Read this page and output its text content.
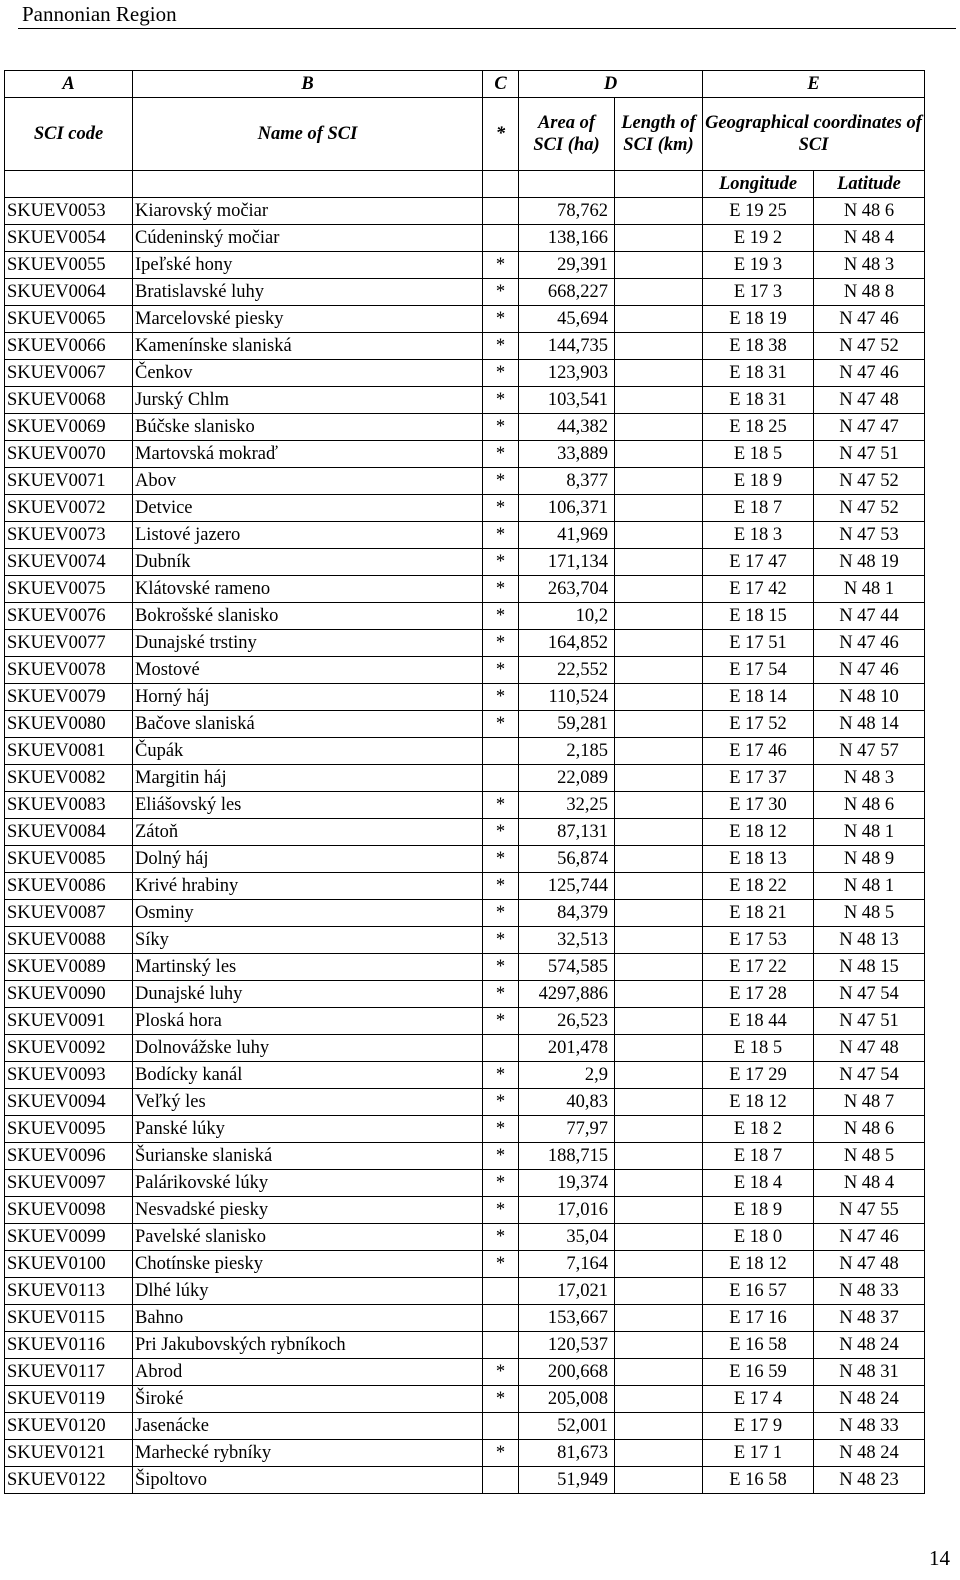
Pannonian Region
A	B	C	D		E	
SCI code	Name of SCI	*	Area of SCI (ha)	Length of SCI (km)	Geographical coordinates of SCI	
					Longitude	Latitude
SKUEV0053	Kiarovský močiar		78,762		E 19 25	N 48 6
SKUEV0054	Cúdeninský močiar		138,166		E 19 2	N 48 4
SKUEV0055	Ipeľské hony	*	29,391		E 19 3	N 48 3
SKUEV0064	Bratislavské luhy	*	668,227		E 17 3	N 48 8
SKUEV0065	Marcelovské piesky	*	45,694		E 18 19	N 47 46
SKUEV0066	Kamenínske slaniská	*	144,735		E 18 38	N 47 52
SKUEV0067	Čenkov	*	123,903		E 18 31	N 47 46
SKUEV0068	Jurský Chlm	*	103,541		E 18 31	N 47 48
SKUEV0069	Búčske slanisko	*	44,382		E 18 25	N 47 47
SKUEV0070	Martovská mokraď	*	33,889		E 18 5	N 47 51
SKUEV0071	Abov	*	8,377		E 18 9	N 47 52
SKUEV0072	Detvice	*	106,371		E 18 7	N 47 52
SKUEV0073	Listové jazero	*	41,969		E 18 3	N 47 53
SKUEV0074	Dubník	*	171,134		E 17 47	N 48 19
SKUEV0075	Klátovské rameno	*	263,704		E 17 42	N 48 1
SKUEV0076	Bokrošské slanisko	*	10,2		E 18 15	N 47 44
SKUEV0077	Dunajské trstiny	*	164,852		E 17 51	N 47 46
SKUEV0078	Mostové	*	22,552		E 17 54	N 47 46
SKUEV0079	Horný háj	*	110,524		E 18 14	N 48 10
SKUEV0080	Bačove slaniská	*	59,281		E 17 52	N 48 14
SKUEV0081	Čupák		2,185		E 17 46	N 47 57
SKUEV0082	Margitin háj		22,089		E 17 37	N 48 3
SKUEV0083	Eliášovský les	*	32,25		E 17 30	N 48 6
SKUEV0084	Zátoň	*	87,131		E 18 12	N 48 1
SKUEV0085	Dolný háj	*	56,874		E 18 13	N 48 9
SKUEV0086	Krivé hrabiny	*	125,744		E 18 22	N 48 1
SKUEV0087	Osminy	*	84,379		E 18 21	N 48 5
SKUEV0088	Síky	*	32,513		E 17 53	N 48 13
SKUEV0089	Martinský les	*	574,585		E 17 22	N 48 15
SKUEV0090	Dunajské luhy	*	4297,886		E 17 28	N 47 54
SKUEV0091	Ploská hora	*	26,523		E 18 44	N 47 51
SKUEV0092	Dolnovážske luhy		201,478		E 18 5	N 47 48
SKUEV0093	Bodícky kanál	*	2,9		E 17 29	N 47 54
SKUEV0094	Veľký les	*	40,83		E 18 12	N 48 7
SKUEV0095	Panské lúky	*	77,97		E 18 2	N 48 6
SKUEV0096	Šurianske slaniská	*	188,715		E 18 7	N 48 5
SKUEV0097	Palárikovské lúky	*	19,374		E 18 4	N 48 4
SKUEV0098	Nesvadské piesky	*	17,016		E 18 9	N 47 55
SKUEV0099	Pavelské slanisko	*	35,04		E 18 0	N 47 46
SKUEV0100	Chotínske piesky	*	7,164		E 18 12	N 47 48
SKUEV0113	Dlhé lúky		17,021		E 16 57	N 48 33
SKUEV0115	Bahno		153,667		E 17 16	N 48 37
SKUEV0116	Pri Jakubovských rybníkoch		120,537		E 16 58	N 48 24
SKUEV0117	Abrod	*	200,668		E 16 59	N 48 31
SKUEV0119	Široké	*	205,008		E 17 4	N 48 24
SKUEV0120	Jasenácke		52,001		E 17 9	N 48 33
SKUEV0121	Marhecké rybníky	*	81,673		E 17 1	N 48 24
SKUEV0122	Šipoltovo		51,949		E 16 58	N 48 23
14
